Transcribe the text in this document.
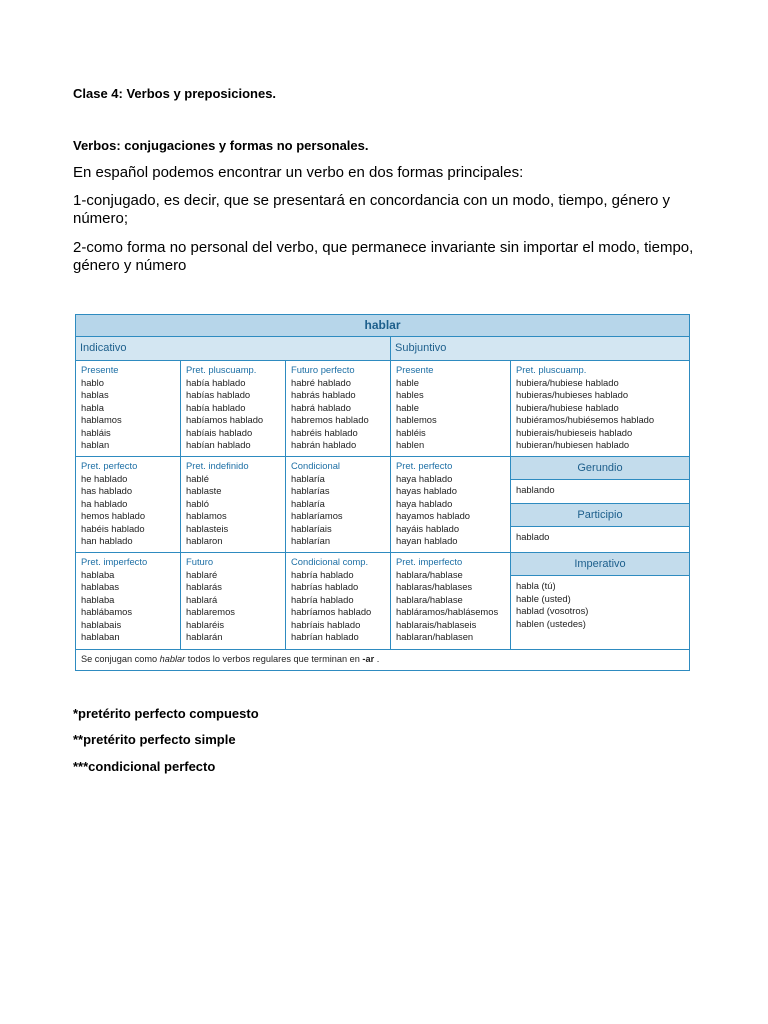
Clase 4: Verbos y preposiciones.
Verbos: conjugaciones y formas no personales.
En español podemos encontrar un verbo en dos formas principales:
1-conjugado, es decir, que se presentará en concordancia con un modo, tiempo, género y número;
2-como forma no personal del verbo, que permanece invariante sin importar el modo, tiempo, género y número
hablar
Indicativo	Subjuntivo
Presente
hablo
hablas
habla
hablamos
habláis
hablan
Pret. pluscuamp.
había hablado
habías hablado
había hablado
habíamos hablado
habíais hablado
habían hablado
Futuro perfecto
habré hablado
habrás hablado
habrá hablado
habremos hablado
habréis hablado
habrán hablado
Presente
hable
hables
hable
hablemos
habléis
hablen
Pret. pluscuamp.
hubiera/hubiese hablado
hubieras/hubieses hablado
hubiera/hubiese hablado
hubiéramos/hubiésemos hablado
hubierais/hubieseis hablado
hubieran/hubiesen hablado
Pret. perfecto
he hablado
has hablado
ha hablado
hemos hablado
habéis hablado
han hablado
Pret. indefinido
hablé
hablaste
habló
hablamos
hablasteis
hablaron
Condicional
hablaría
hablarías
hablaría
hablaríamos
hablaríais
hablarían
Pret. perfecto
haya hablado
hayas hablado
haya hablado
hayamos hablado
hayáis hablado
hayan hablado
Pret. imperfecto
hablaba
hablabas
hablaba
hablábamos
hablabais
hablaban
Futuro
hablaré
hablarás
hablará
hablaremos
hablaréis
hablarán
Condicional comp.
habría hablado
habrías hablado
habría hablado
habríamos hablado
habríais hablado
habrían hablado
Pret. imperfecto
hablara/hablase
hablaras/hablases
hablara/hablase
habláramos/hablásemos
hablarais/hablaseis
hablaran/hablasen
Gerundio
hablando
Participio
hablado
Imperativo
habla (tú)
hable (usted)
hablad (vosotros)
hablen (ustedes)
Se conjugan como hablar todos lo verbos regulares que terminan en -ar .
*pretérito perfecto compuesto
**pretérito perfecto simple
***condicional perfecto
